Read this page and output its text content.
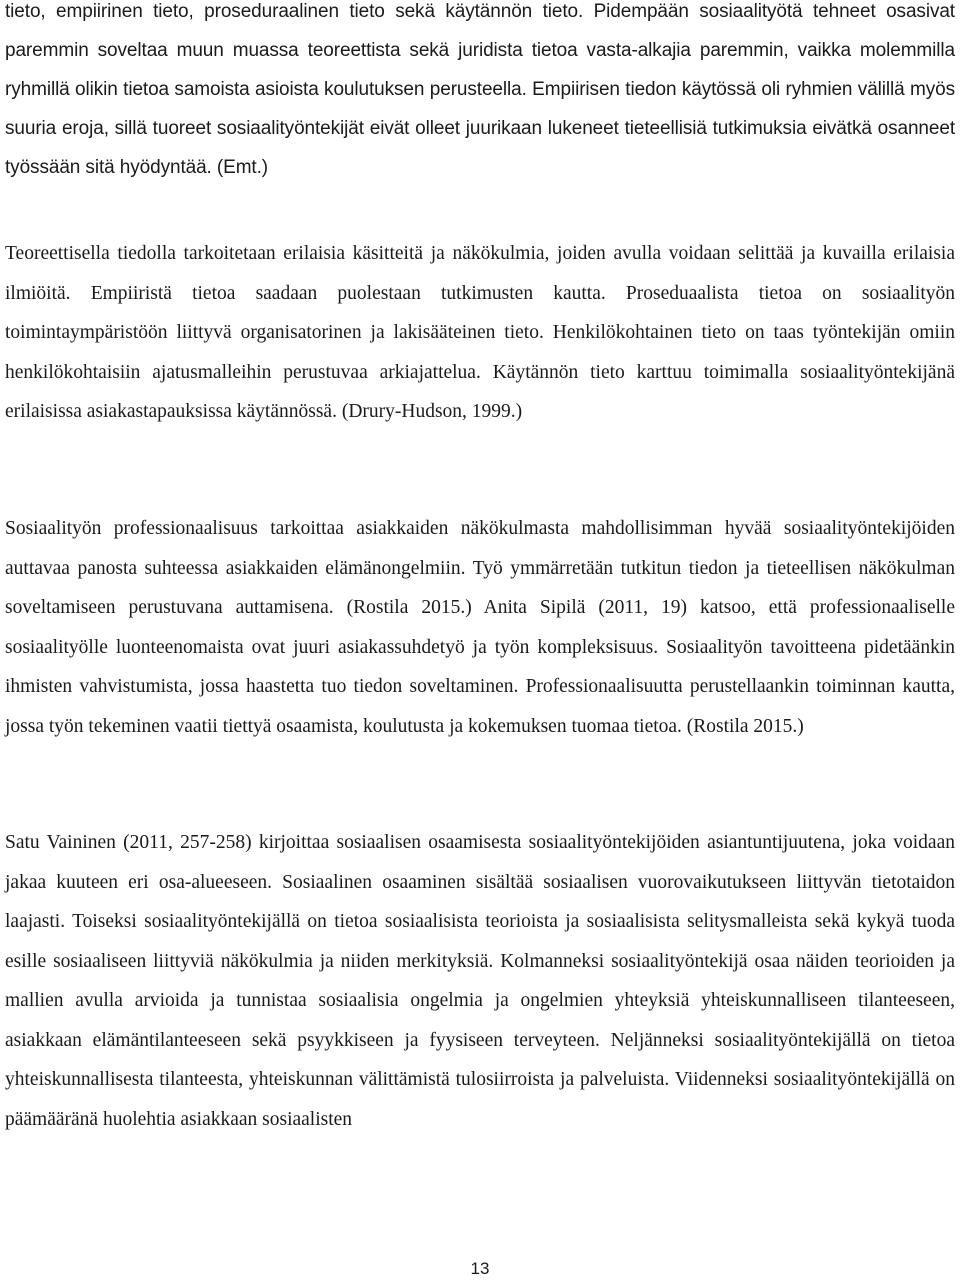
tieto, empiirinen tieto, proseduraalinen tieto sekä käytännön tieto. Pidempään sosiaalityötä tehneet osasivat paremmin soveltaa muun muassa teoreettista sekä juridista tietoa vasta-alkajia paremmin, vaikka molemmilla ryhmillä olikin tietoa samoista asioista koulutuksen perusteella. Empiirisen tiedon käytössä oli ryhmien välillä myös suuria eroja, sillä tuoreet sosiaalityöntekijät eivät olleet juurikaan lukeneet tieteellisiä tutkimuksia eivätkä osanneet työssään sitä hyödyntää. (Emt.)

Teoreettisella tiedolla tarkoitetaan erilaisia käsitteitä ja näkökulmia, joiden avulla voidaan selittää ja kuvailla erilaisia ilmiöitä. Empiiristä tietoa saadaan puolestaan tutkimusten kautta. Proseduaalista tietoa on sosiaalityön toimintaympäristöön liittyvä organisatorinen ja lakisääteinen tieto. Henkilökohtainen tieto on taas työntekijän omiin henkilökohtaisiin ajatusmalleihin perustuvaa arkiajattelua. Käytännön tieto karttuu toimimalla sosiaalityöntekijänä erilaisissa asiakastapauksissa käytännössä. (Drury-Hudson, 1999.)

Sosiaalityön professionaalisuus tarkoittaa asiakkaiden näkökulmasta mahdollisimman hyvää sosiaalityöntekijöiden auttavaa panosta suhteessa asiakkaiden elämänongelmiin. Työ ymmärretään tutkitun tiedon ja tieteellisen näkökulman soveltamiseen perustuvana auttamisena. (Rostila 2015.) Anita Sipilä (2011, 19) katsoo, että professionaaliselle sosiaalityölle luonteenomaista ovat juuri asiakassuhdetyö ja työn kompleksisuus. Sosiaalityön tavoitteena pidetäänkin ihmisten vahvistumista, jossa haastetta tuo tiedon soveltaminen. Professionaalisuutta perustellaankin toiminnan kautta, jossa työn tekeminen vaatii tiettyä osaamista, koulutusta ja kokemuksen tuomaa tietoa. (Rostila 2015.)

Satu Vaininen (2011, 257-258) kirjoittaa sosiaalisen osaamisesta sosiaalityöntekijöiden asiantuntijuutena, joka voidaan jakaa kuuteen eri osa-alueeseen. Sosiaalinen osaaminen sisältää sosiaalisen vuorovaikutukseen liittyvän tietotaidon laajasti. Toiseksi sosiaalityöntekijällä on tietoa sosiaalisista teorioista ja sosiaalisista selitysmalleista sekä kykyä tuoda esille sosiaaliseen liittyviä näkökulmia ja niiden merkityksiä. Kolmanneksi sosiaalityöntekijä osaa näiden teorioiden ja mallien avulla arvioida ja tunnistaa sosiaalisia ongelmia ja ongelmien yhteyksiä yhteiskunnalliseen tilanteeseen, asiakkaan elämäntilanteeseen sekä psyykkiseen ja fyysiseen terveyteen. Neljänneksi sosiaalityöntekijällä on tietoa yhteiskunnallisesta tilanteesta, yhteiskunnan välittämistä tulosiirroista ja palveluista. Viidenneksi sosiaalityöntekijällä on päämääränä huolehtia asiakkaan sosiaalisten

13
